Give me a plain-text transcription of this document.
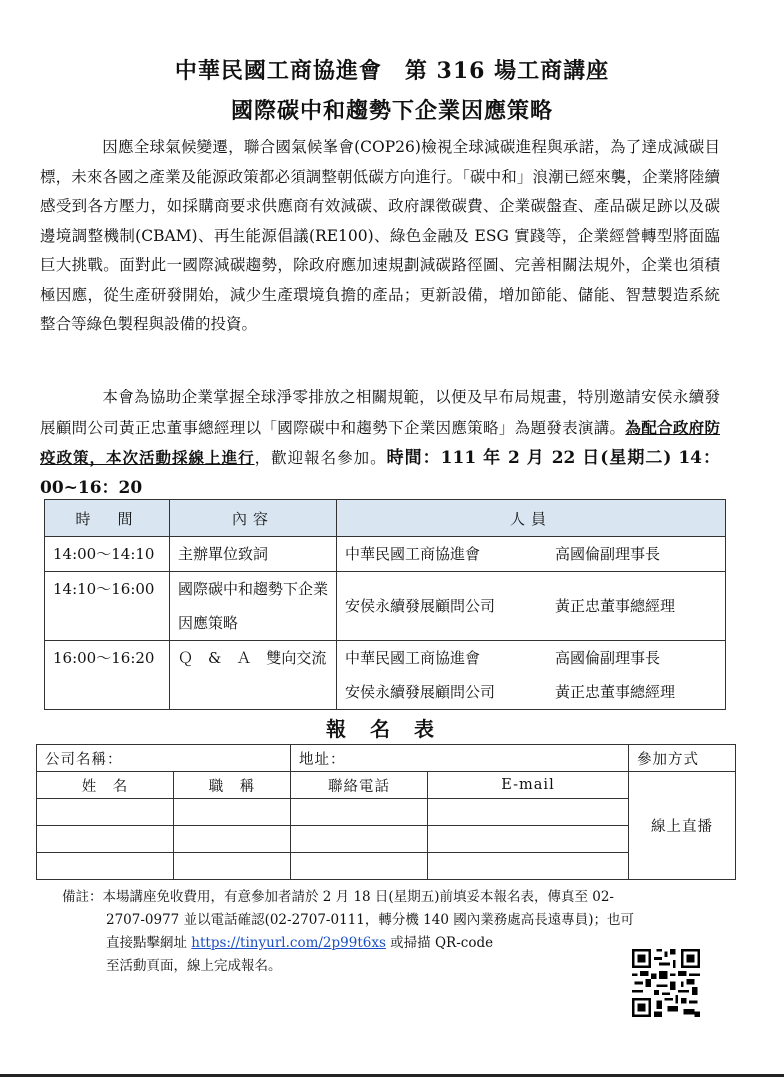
中華民國工商協進會　第 316 場工商講座
國際碳中和趨勢下企業因應策略
因應全球氣候變遷，聯合國氣候峯會(COP26)檢視全球減碳進程與承諾，為了達成減碳目標，未來各國之產業及能源政策都必須調整朝低碳方向進行。「碳中和」浪潮已經來襲，企業將陸續感受到各方壓力，如採購商要求供應商有效減碳、政府課徵碳費、企業碳盤查、產品碳足跡以及碳邊境調整機制(CBAM)、再生能源倡議(RE100)、綠色金融及 ESG 實踐等，企業經營轉型將面臨巨大挑戰。面對此一國際減碳趨勢，除政府應加速規劃減碳路徑圖、完善相關法規外，企業也須積極因應，從生產研發開始，減少生產環境負擔的產品；更新設備，增加節能、儲能、智慧製造系統整合等綠色製程與設備的投資。
本會為協助企業掌握全球淨零排放之相關規範，以便及早布局規畫，特別邀請安侯永續發展顧問公司黃正忠董事總經理以「國際碳中和趨勢下企業因應策略」為題發表演講。為配合政府防疫政策，本次活動採線上進行，歡迎報名參加。時間：111 年 2 月 22 日(星期二) 14：00~16：20
時　間	內容	人員
14:00～14:10	主辦單位致詞	中華民國工商協進會 高國倫副理事長
14:10～16:00	國際碳中和趨勢下企業因應策略	安侯永續發展顧問公司 黃正忠董事總經理
16:00～16:20	Ｑ　&　Ａ　雙向交流	中華民國工商協進會 高國倫副理事長
安侯永續發展顧問公司 黃正忠董事總經理
報名表
公司名稱：		地址：		參加方式
姓　名	職　稱	聯絡電話	E-mail	線上直播

備註：本場講座免收費用，有意參加者請於 2 月 18 日(星期五)前填妥本報名表，傳真至 02-
2707-0977 並以電話確認(02-2707-0111，轉分機 140 國內業務處高長遠專員)；也可
直接點擊網址 https://tinyurl.com/2p99t6xs 或掃描 QR-code
至活動頁面，線上完成報名。
